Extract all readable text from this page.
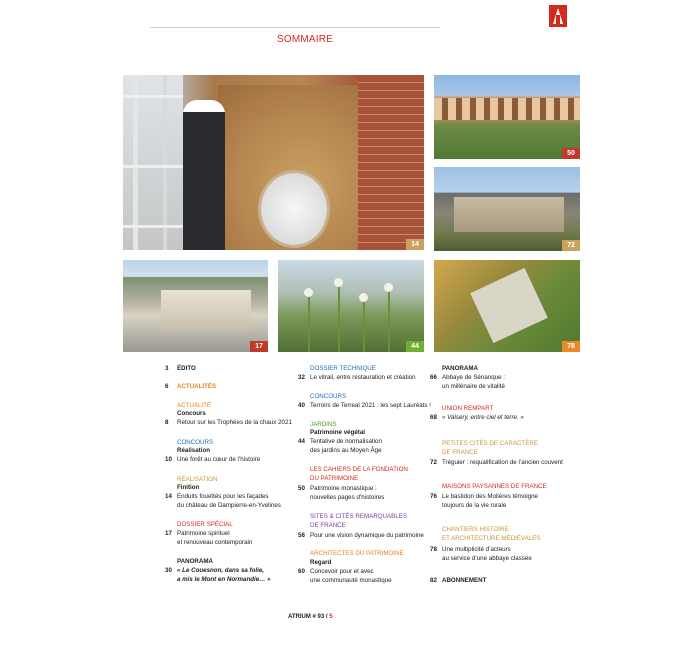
SOMMAIRE
14
50
72
17	44	78
3 ÉDITO
6 ACTUALITÉS
ACTUALITÉ
Concours
8 Retour sur les Trophées de la chaux 2021
CONCOURS
Réalisation
10 Une forêt au cœur de l’histoire
RÉALISATION
Finition
14 Enduits fouettés pour les façades
du château de Dampierre-en-Yvelines
DOSSIER SPÉCIAL
17 Patrimoine spirituel
et renouveau contemporain
PANORAMA
30 « Le Couesnon, dans sa folie,
a mis le Mont en Normandie… »
DOSSIER TECHNIQUE
32 Le vitrail, entre restauration et création
CONCOURS
40 Terroirs de Terreal 2021 : les sept Lauréats !
JARDINS
Patrimoine végétal
44 Tentative de normalisation
des jardins au Moyen Âge
LES CAHIERS DE LA FONDATION
DU PATRIMOINE
50 Patrimoine monastique :
nouvelles pages d’histoires
SITES & CITÉS REMARQUABLES
DE FRANCE
56 Pour une vision dynamique du patrimoine
ARCHITECTES DU PATRIMOINE
Regard
60 Concevoir pour et avec
une communauté monastique
PANORAMA
66 Abbaye de Sénanque :
un millénaire de vitalité
UNION REMPART
68 « Valsery, entre ciel et terre. »
PETITES CITÉS DE CARACTÈRE
DE FRANCE
72 Tréguier : requalification de l’ancien couvent
MAISONS PAYSANNES DE FRANCE
76 Le bastidon des Molières témoigne
toujours de la vie rurale
CHANTIERS HISTOIRE
ET ARCHITECTURE MÉDIÉVALES
78 Une multiplicité d’acteurs
au service d’une abbaye classée
82 ABONNEMENT
ATRIUM # 93 / 5
